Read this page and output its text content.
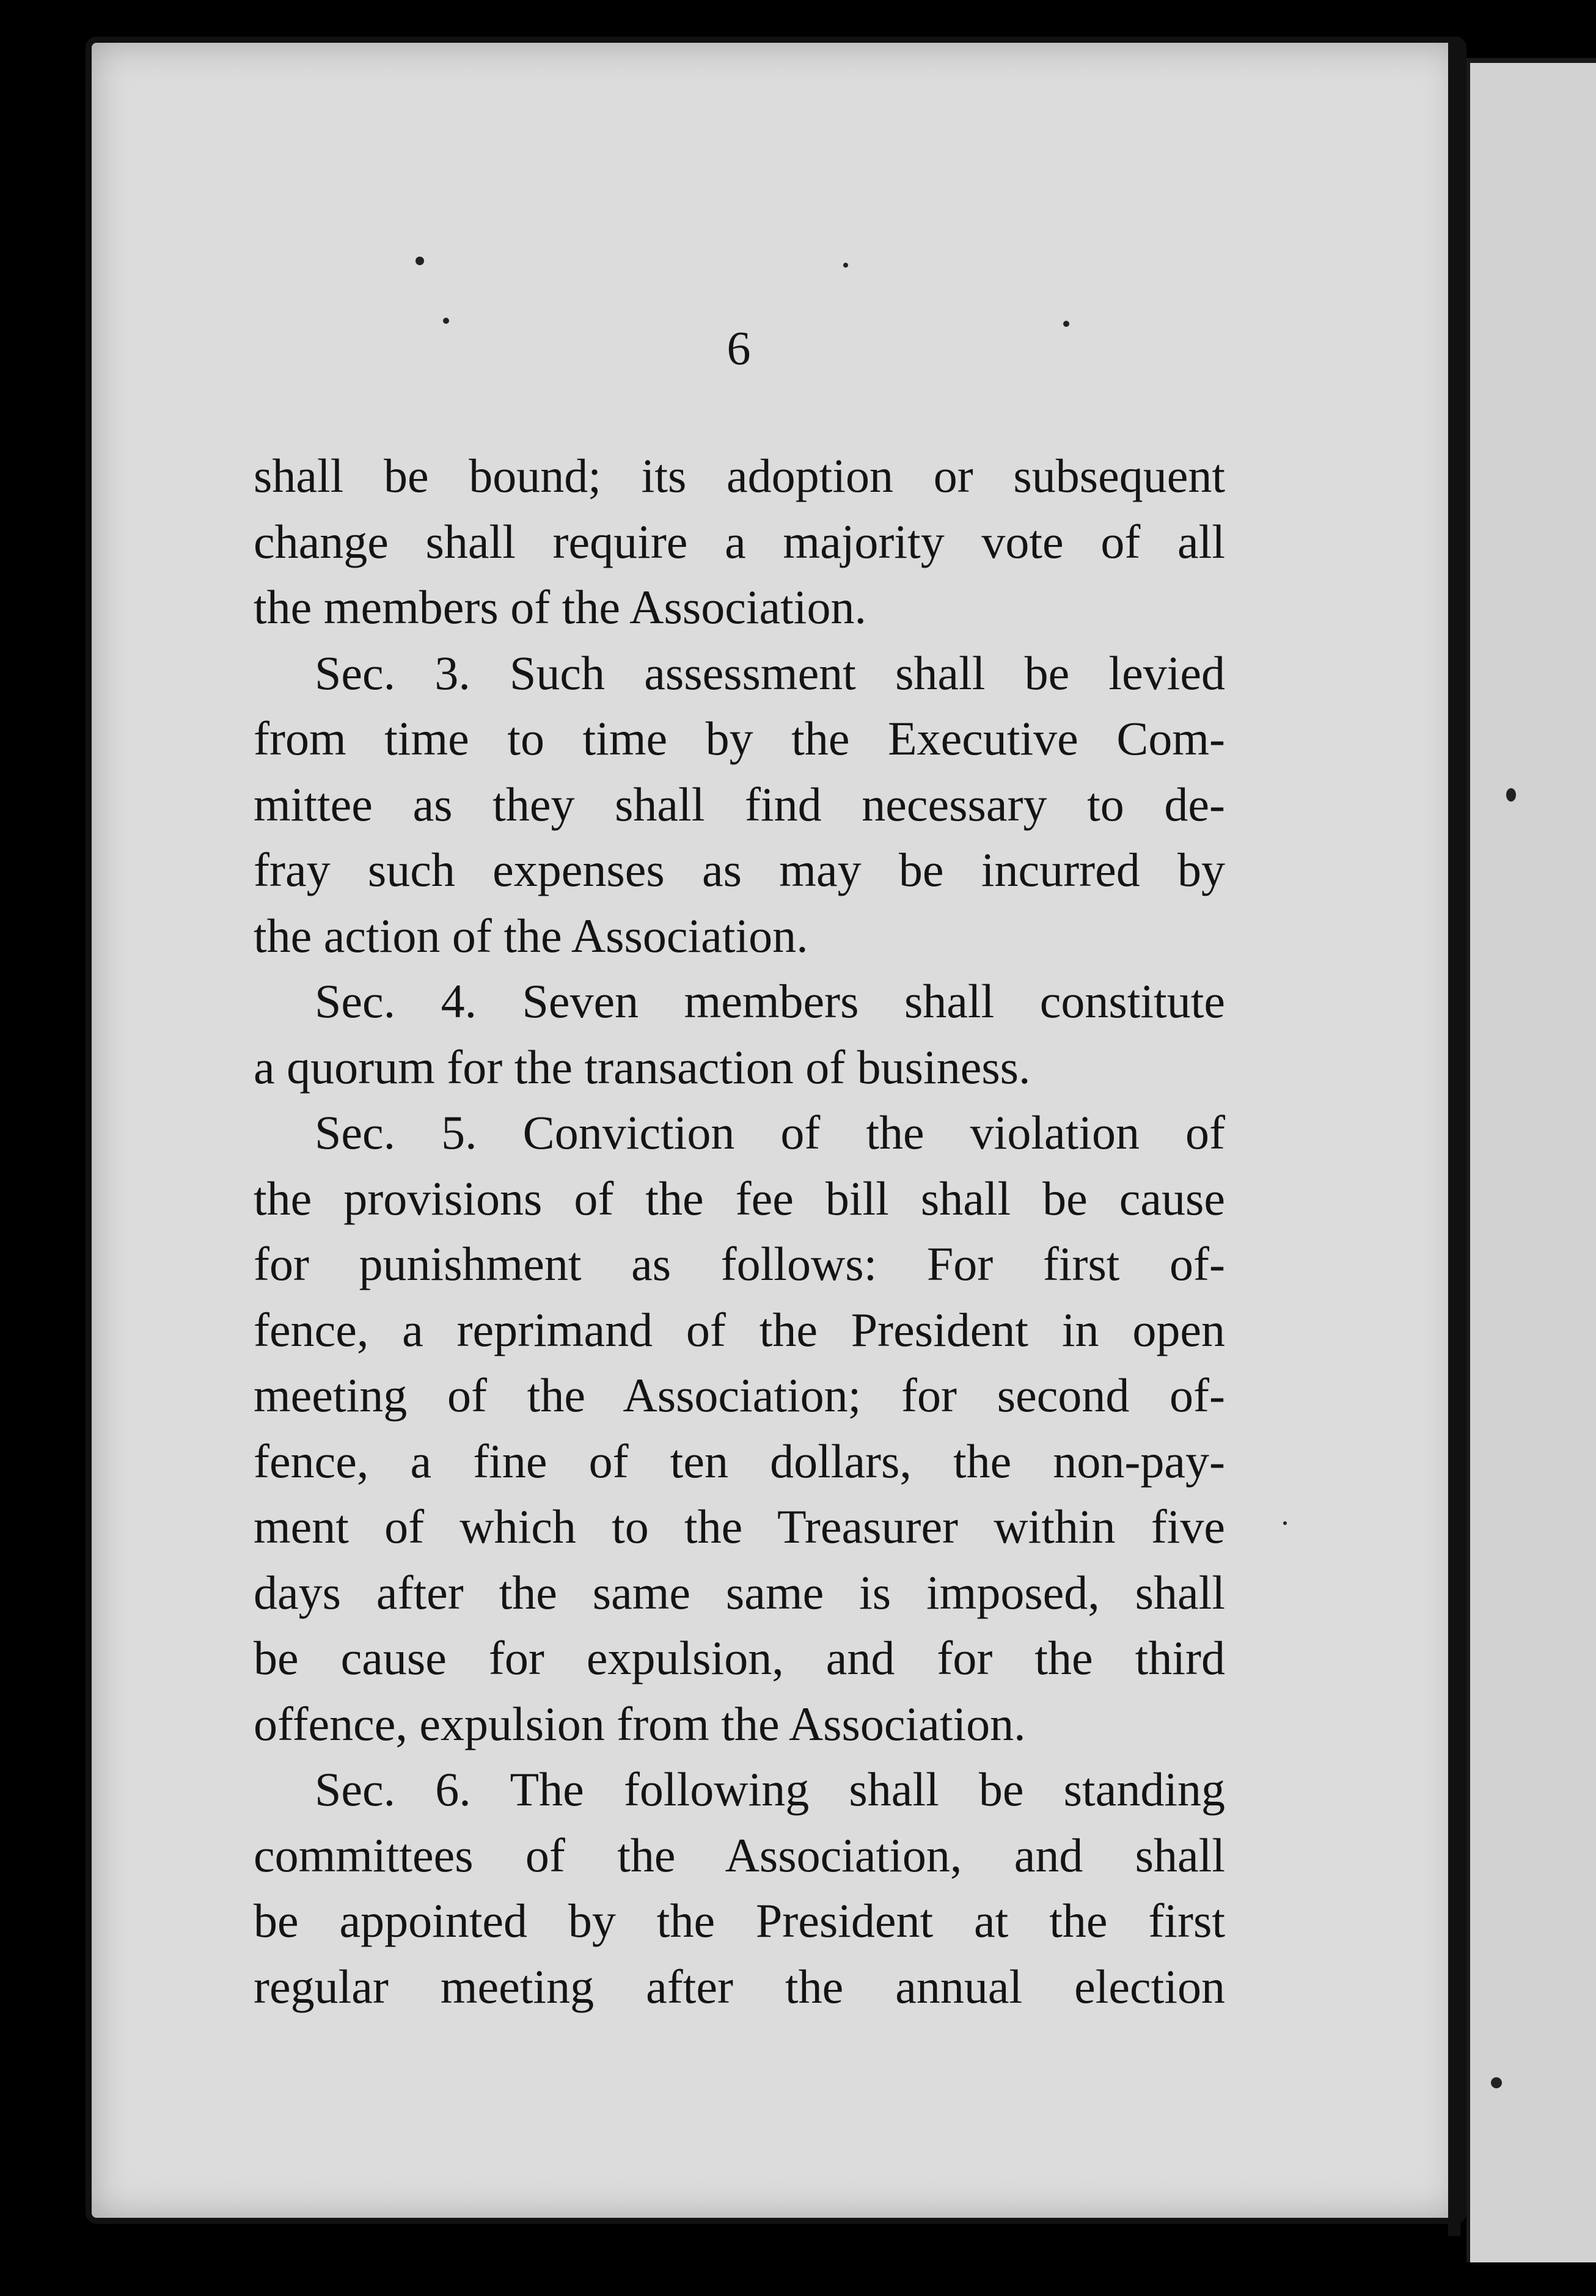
6
shall be bound; its adoption or subsequent
change shall require a majority vote of all
the members of the Association.
Sec. 3. Such assessment shall be levied
from time to time by the Executive Com-
mittee as they shall find necessary to de-
fray such expenses as may be incurred by
the action of the Association.
Sec. 4. Seven members shall constitute
a quorum for the transaction of business.
Sec. 5. Conviction of the violation of
the provisions of the fee bill shall be cause
for punishment as follows: For first of-
fence, a reprimand of the President in open
meeting of the Association; for second of-
fence, a fine of ten dollars, the non-pay-
ment of which to the Treasurer within five
days after the same same is imposed, shall
be cause for expulsion, and for the third
offence, expulsion from the Association.
Sec. 6. The following shall be standing
committees of the Association, and shall
be appointed by the President at the first
regular meeting after the annual election
